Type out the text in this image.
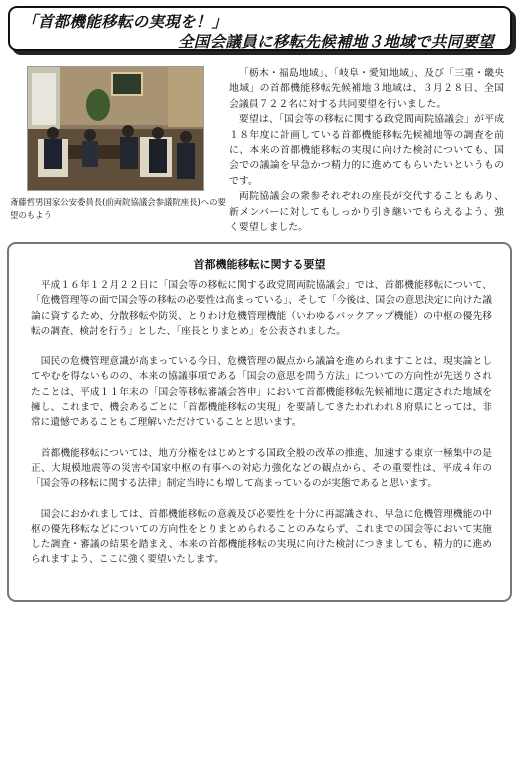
「首都機能移転の実現を！」
全国会議員に移転先候補地３地域で共同要望
斎藤哲男国家公安委員長(前両院協議会参議院座長)への要望のもよう

「栃木・福島地域」、「岐阜・愛知地域」、及び「三重・畿央地域」の首都機能移転先候補地３地域は、３月２８日、全国会議員７２２名に対する共同要望を行いました。

要望は、「国会等の移転に関する政党間両院協議会」が平成１８年度に計画している首都機能移転先候補地等の調査を前に、本来の首都機能移転の実現に向けた検討についても、国会での議論を早急かつ精力的に進めてもらいたいというものです。

両院協議会の衆参それぞれの座長が交代することもあり、新メンバーに対してもしっかり引き継いでもらえるよう、強く要望しました。

首都機能移転に関する要望

平成１６年１２月２２日に「国会等の移転に関する政党間両院協議会」では、首都機能移転について、「危機管理等の面で国会等の移転の必要性は高まっている」、そして「今後は、国会の意思決定に向けた議論に資するため、分散移転や防災、とりわけ危機管理機能（いわゆるバックアップ機能）の中枢の優先移転の調査、検討を行う」とした、「座長とりまとめ」を公表されました。

国民の危機管理意識が高まっている今日、危機管理の観点から議論を進められますことは、現実論としてやむを得ないものの、本来の協議事項である「国会の意思を問う方法」についての方向性が先送りされたことは、平成１１年末の「国会等移転審議会答申」において首都機能移転先候補地に選定された地域を擁し、これまで、機会あるごとに「首都機能移転の実現」を要請してきたわれわれ８府県にとっては、非常に遺憾であることもご理解いただけていることと思います。

首都機能移転については、地方分権をはじめとする国政全般の改革の推進、加速する東京一極集中の是正、大規模地震等の災害や国家中枢の有事への対応力強化などの観点から、その重要性は、平成４年の「国会等の移転に関する法律」制定当時にも増して高まっているのが実態であると思います。

国会におかれましては、首都機能移転の意義及び必要性を十分に再認識され、早急に危機管理機能の中枢の優先移転などについての方向性をとりまとめられることのみならず、これまでの国会等において実施した調査・審議の結果を踏まえ、本来の首都機能移転の実現に向けた検討につきましても、精力的に進められますよう、ここに強く要望いたします。
